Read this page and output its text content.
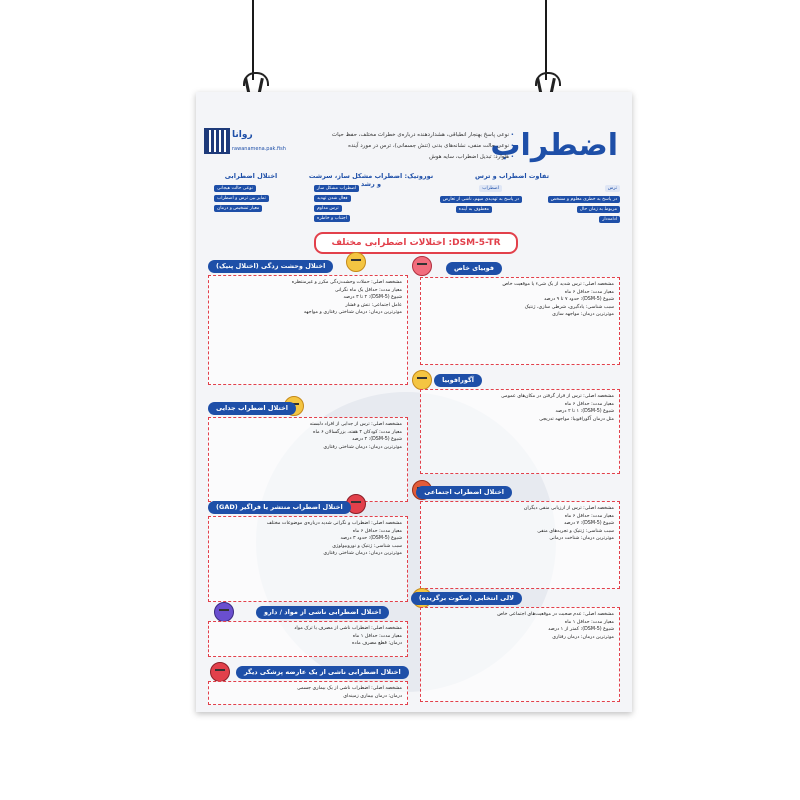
اضطراب
روانا
rawanamena.pak.fish

• نوعی پاسخ بهنجار انطباقی، هشداردهنده درباره‌ی خطرات مختلف، حفظ حیات

• نوعی حالت منفی، نشانه‌های بدنی (تنش جسمانی)، ترس در مورد آینده

• هاوارد: تبدیل اضطراب، سایه هوش

تفاوت اضطراب و ترس
ترس
اضطراب
در پاسخ به خطری معلوم و مشخص
مربوط به زمان حال
در پاسخ به تهدیدی مبهم، ناشی از تعارض
معطوف به آینده
ادامه‌دار
نوروتیک: اضطراب مشکل ساز، سرشت و رشد
اضطراب مشکل ساز
فعال شدن تهدید
ترس مداوم
اجتناب و خاطره
اختلال اضطرابی
نوعی حالت هیجانی
تمایز بین ترس و اضطراب
معیار تشخیص و درمان
DSM-5-TR: اختلالات اضطرابی مختلف
فوبیای خاص

مشخصه اصلی: ترس شدید از یک شیء یا موقعیت خاص

معیار مدت: حداقل ۶ ماه

شیوع (DSM-5): حدود ۷ تا ۹ درصد

سبب شناسی: یادگیری، شرطی سازی، ژنتیک

موثرترین درمان: مواجهه سازی

آگورافوبیا

مشخصه اصلی: ترس از قرار گرفتن در مکان‌های عمومی

معیار مدت: حداقل ۶ ماه

شیوع (DSM-5): ۱ تا ۲ درصد

مثل درمان آگورافوبیا: مواجهه تدریجی

اختلال اضطراب اجتماعی

مشخصه اصلی: ترس از ارزیابی منفی دیگران

معیار مدت: حداقل ۶ ماه

شیوع (DSM-5): ۷ درصد

سبب شناسی: ژنتیک و تجربه‌های منفی

موثرترین درمان: شناخت درمانی

لالی انتخابی (سکوت برگزیده)

مشخصه اصلی: عدم صحبت در موقعیت‌های اجتماعی خاص

معیار مدت: حداقل ۱ ماه

شیوع (DSM-5): کمتر از ۱ درصد

موثرترین درمان: درمان رفتاری

اختلال وحشت زدگی (اختلال پنیک)

مشخصه اصلی: حملات وحشت‌زدگی مکرر و غیرمنتظره

معیار مدت: حداقل یک ماه نگرانی

شیوع (DSM-5): ۲ تا ۳ درصد

عامل اجتماعی: تنش و فشار

موثرترین درمان: درمان شناختی رفتاری و مواجهه

اختلال اضطراب جدایی

مشخصه اصلی: ترس از جدایی از افراد دلبسته

معیار مدت: کودکان ۴ هفته، بزرگسالان ۶ ماه

شیوع (DSM-5): ۴ درصد

موثرترین درمان: درمان شناختی رفتاری

اختلال اضطراب منتشر یا فراگیر (GAD)

مشخصه اصلی: اضطراب و نگرانی شدید درباره‌ی موضوعات مختلف

معیار مدت: حداقل ۶ ماه

شیوع (DSM-5): حدود ۳ درصد

سبب شناسی: ژنتیک و نوروبیولوژی

موثرترین درمان: درمان شناختی رفتاری

اختلال اضطرابی ناشی از مواد / دارو

مشخصه اصلی: اضطراب ناشی از مصرف یا ترک مواد

معیار مدت: حداقل ۱ ماه

درمان: قطع مصرف ماده

اختلال اضطرابی ناشی از یک عارضه پزشکی دیگر

مشخصه اصلی: اضطراب ناشی از یک بیماری جسمی

درمان: درمان بیماری زمینه‌ای
